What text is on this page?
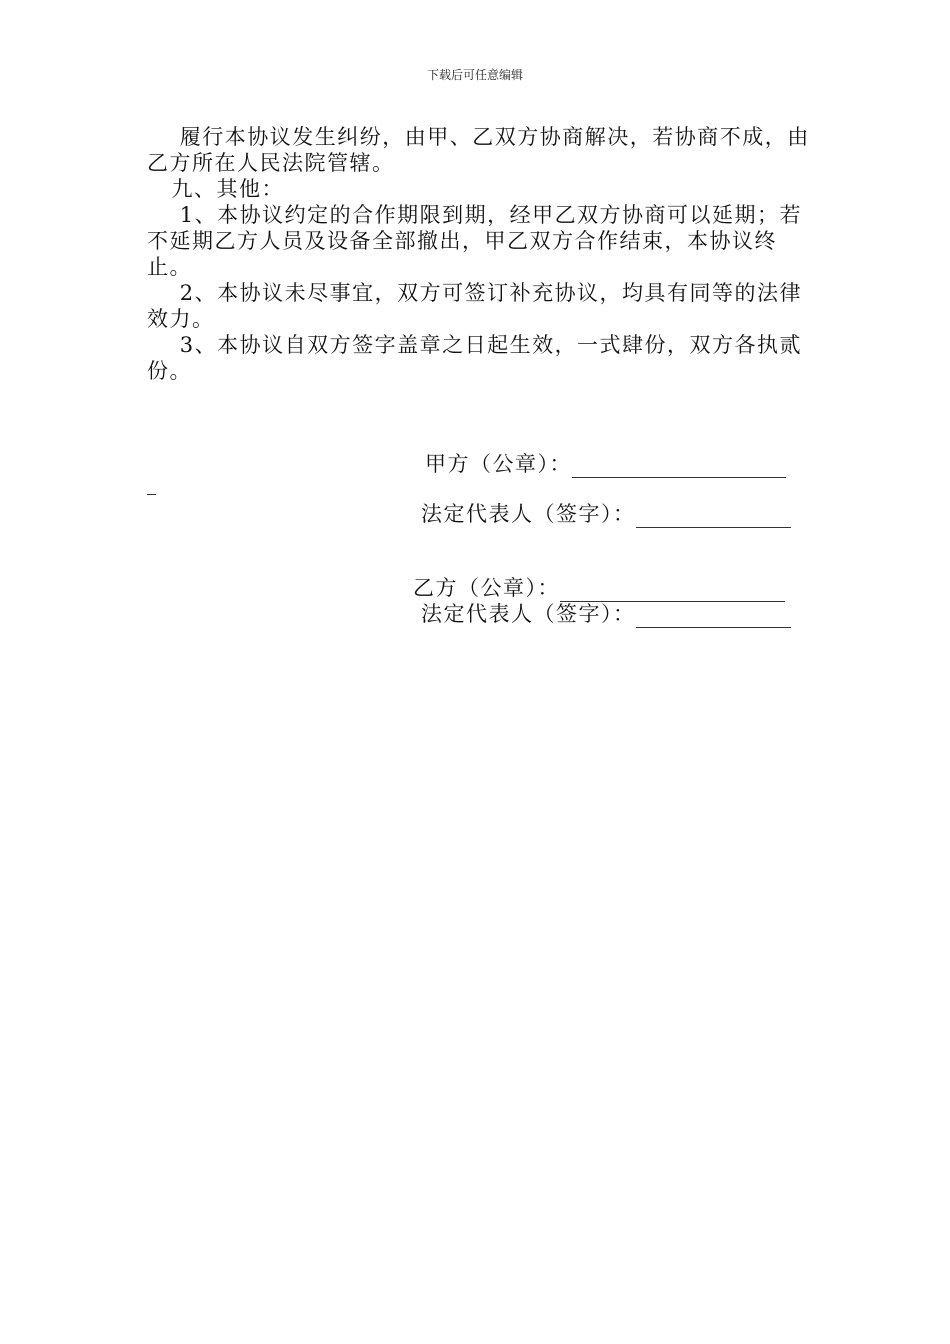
下载后可任意编辑

履行本协议发生纠纷，由甲、乙双方协商解决，若协商不成，由乙方所在人民法院管辖。

九、其他：

1、本协议约定的合作期限到期，经甲乙双方协商可以延期；若不延期乙方人员及设备全部撤出，甲乙双方合作结束，本协议终止。

2、本协议未尽事宜，双方可签订补充协议，均具有同等的法律效力。

3、本协议自双方签字盖章之日起生效，一式肆份，双方各执贰份。

甲方（公章）：
法定代表人（签字）：
乙方（公章）：
法定代表人（签字）：
